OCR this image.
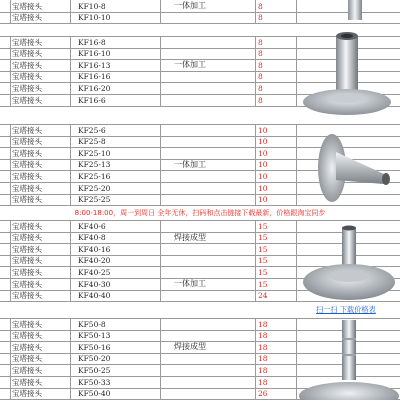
宝塔接头	KF10-8	8
宝塔接头	KF10-10	8
一体加工
宝塔接头	KF16-8	8
宝塔接头	KF16-10	8
宝塔接头	KF16-13	8
宝塔接头	KF16-16	8
宝塔接头	KF16-20	8
宝塔接头	KF16-6	8
一体加工
宝塔接头	KF25-6	10
宝塔接头	KF25-8	10
宝塔接头	KF25-10	10
宝塔接头	KF25-13	10
宝塔接头	KF25-16	10
宝塔接头	KF25-20	10
宝塔接头	KF25-25	10
一体加工
宝塔接头	KF40-6	15
宝塔接头	KF40-8	15
宝塔接头	KF40-16	15
宝塔接头	KF40-20	15
宝塔接头	KF40-25	15
宝塔接头	KF40-30	15
宝塔接头	KF40-40	24
焊接成型
一体加工
宝塔接头	KF50-8	18
宝塔接头	KF50-13	18
宝塔接头	KF50-16	18
宝塔接头	KF50-20	18
宝塔接头	KF50-25	18
宝塔接头	KF50-33	18
宝塔接头	KF50-40	26
焊接成型
8:00-18:00，周一到周日 全年无休，扫码和点击链接下载最新，价格跟淘宝同步
扫一扫 下载价格表
